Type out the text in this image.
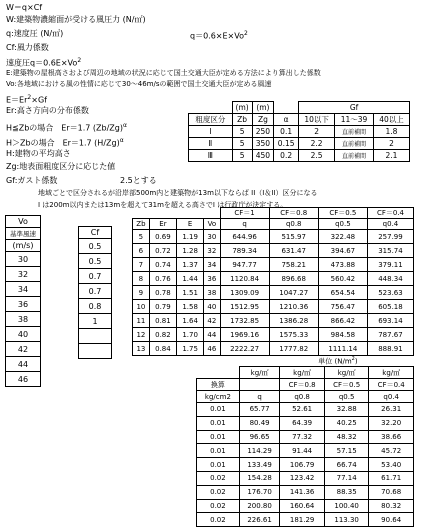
W＝q×Cf
W:建築物濃縮面が受ける風圧力 (N/㎡)
q:速度圧 (N/㎡)	$q=0.6\times E\times Vo^2$
Cf:風力係数
速度圧$q=0.6E\times Vo^2$
E:建築物の屋根高さおよび周辺の地域の状況に応じて国土交通大臣が定める方法により算出した係数
Vo:各地域における風の性情に応じて30～46m/sの範囲で国土交通大臣が定める風速
$E=Er^2\times Gf$
Er:高さ方向の分布係数
H≦Zbの場合　Er＝1.7 $(Zb/Zg)^\alpha$
H＞Zbの場合　Er＝1.7 $(H/Zg)^\alpha$
H:建物の平均高さ
Zg:地表面粗度区分に応じた値
Gf:ガスト係数	2.5とする
地域ごとで区分されるが沿岸部500m内と建築物が13m以下ならば II（I＆II）区分になる
I は200m以内または13mを超えて31mを超える高さでI は行政庁が決定する。
	(m)	(m)		Gf		
粗度区分	Zb	Zg	α	10以下	11～39	40以上
Ⅰ	5	250	0.1	2	直前補間	1.8
Ⅱ	5	350	0.15	2.2	直前補間	2
Ⅲ	5	450	0.2	2.5	直前補間	2.1
Vo
基準風速
(m/s)
30
32
34
36
38
40
42
44
46

Cf
0.5
0.5
0.7
0.7
0.8
1

				CF＝1	CF＝0.8	CF＝0.5	CF＝0.4
Zb	Er	E	Vo	q	q0.8	q0.5	q0.4
5	0.69	1.19	30	644.96	515.97	322.48	257.99
6	0.72	1.28	32	789.34	631.47	394.67	315.74
7	0.74	1.37	34	947.77	758.21	473.88	379.11
8	0.76	1.44	36	1120.84	896.68	560.42	448.34
9	0.78	1.51	38	1309.09	1047.27	654.54	523.63
10	0.79	1.58	40	1512.95	1210.36	756.47	605.18
11	0.81	1.64	42	1732.85	1386.28	866.42	693.14
12	0.82	1.70	44	1969.16	1575.33	984.58	787.67
13	0.84	1.75	46	2222.27	1777.82	1111.14	888.91
						単位 $(N/m^2)$	
	kg/㎡	kg/㎡	kg/㎡	kg/㎡
換算		CF＝0.8	CF＝0.5	CF＝0.4
kg/cm2	q	q0.8	q0.5	q0.4
0.01	65.77	52.61	32.88	26.31
0.01	80.49	64.39	40.25	32.20
0.01	96.65	77.32	48.32	38.66
0.01	114.29	91.44	57.15	45.72
0.01	133.49	106.79	66.74	53.40
0.02	154.28	123.42	77.14	61.71
0.02	176.70	141.36	88.35	70.68
0.02	200.80	160.64	100.40	80.32
0.02	226.61	181.29	113.30	90.64
